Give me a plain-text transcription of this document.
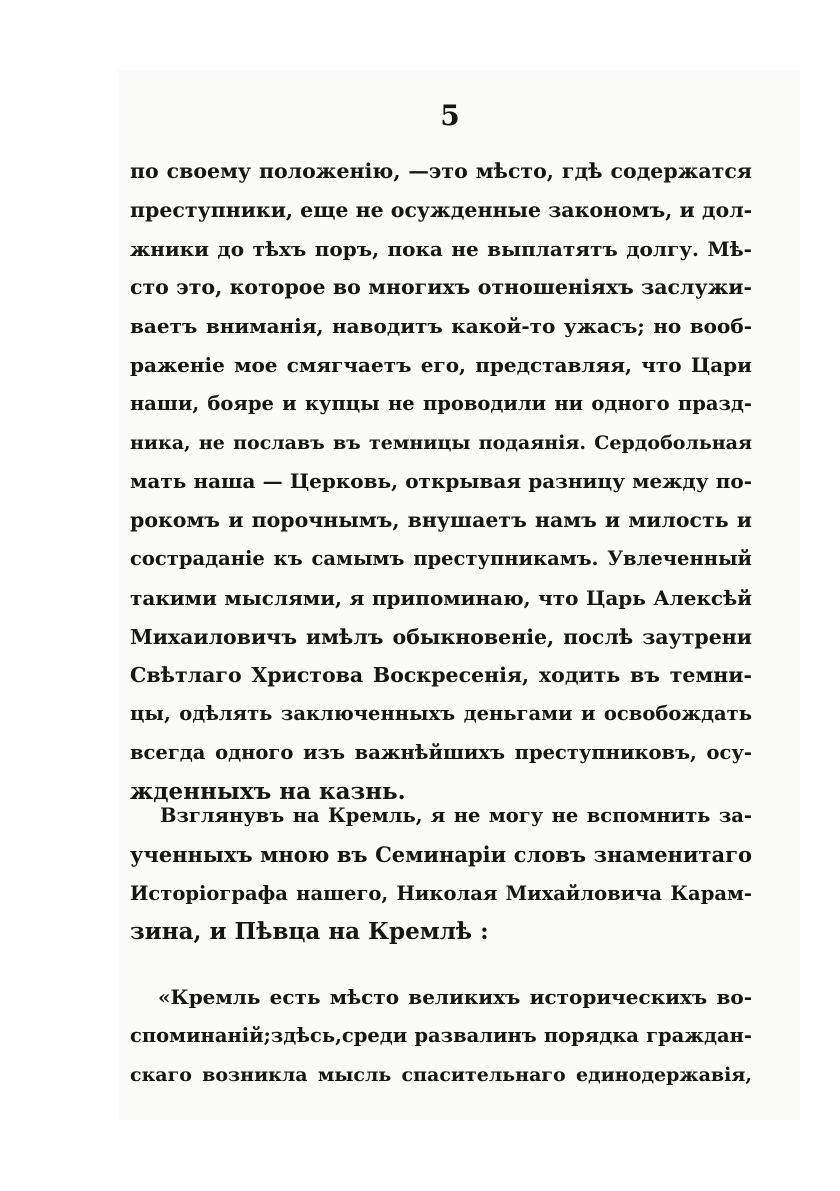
5

по своему положенію, —это мѣсто, гдѣ содержатся
преступники, еще не осужденные закономъ, и дол-
жники до тѣхъ поръ, пока не выплатятъ долгу. Мѣ-
сто это, которое во многихъ отношеніяхъ заслужи-
ваетъ вниманія, наводитъ какой-то ужасъ; но вооб-
раженіе мое смягчаетъ его, представляя, что Цари
наши, бояре и купцы не проводили ни одного празд-
ника, не пославъ въ темницы подаянія. Сердобольная
мать наша — Церковь, открывая разницу между по-
рокомъ и порочнымъ, внушаетъ намъ и милость и
состраданіе къ самымъ преступникамъ. Увлеченный
такими мыслями, я припоминаю, что Царь Алексѣй
Михаиловичъ имѣлъ обыкновеніе, послѣ заутрени
Свѣтлаго Христова Воскресенія, ходить въ темни-
цы, одѣлять заключенныхъ деньгами и освобождать
всегда одного изъ важнѣйшихъ преступниковъ, осу-
жденныхъ на казнь.
Взглянувъ на Кремль, я не могу не вспомнить за-
ученныхъ мною въ Семинаріи словъ знаменитаго
Исторіографа нашего, Николая Михайловича Карам-
зина, и Пѣвца на Кремлѣ :
«Кремль есть мѣсто великихъ историческихъ во-
споминаній;здѣсь,среди развалинъ порядка граждан-
скаго возникла мысль спасительнаго единодержавія,
